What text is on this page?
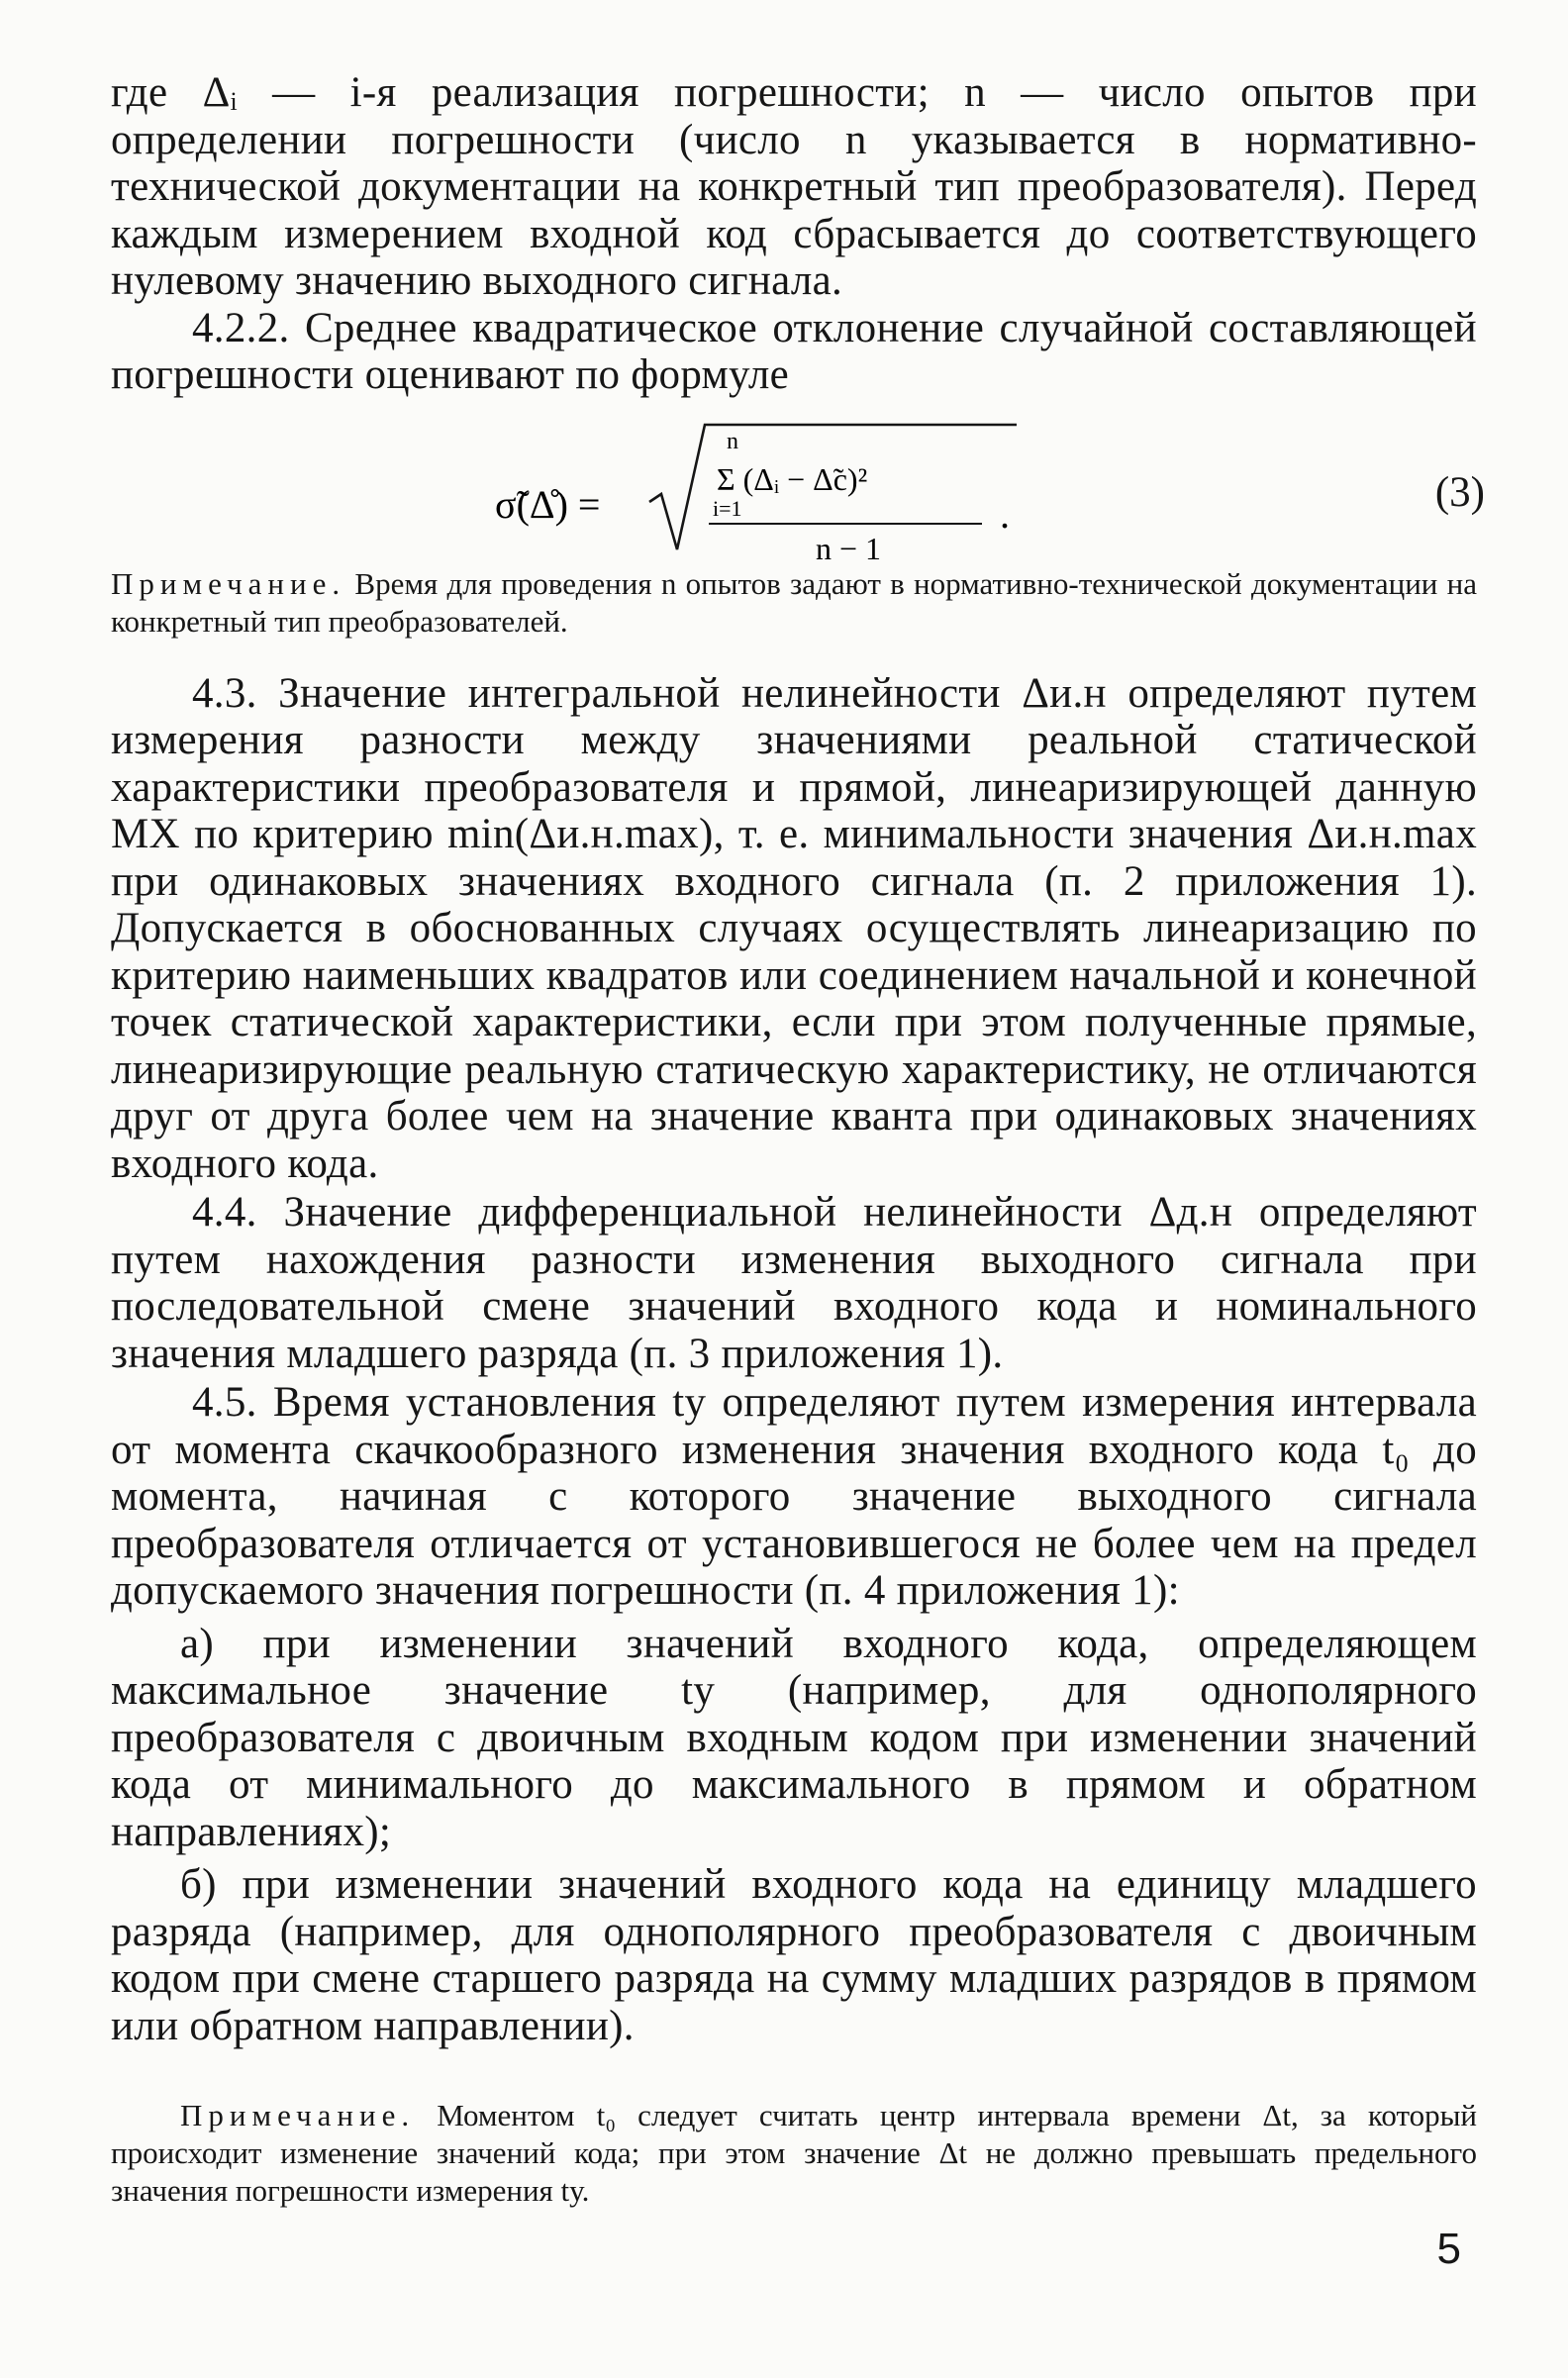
где Δᵢ — i-я реализация погрешности; n — число опытов при определении погрешности (число n указывается в нормативно-технической документации на конкретный тип преобразователя). Перед каждым измерением входной код сбрасывается до соответствующего нулевому значению выходного сигнала.

4.2.2. Среднее квадратическое отклонение случайной составляющей погрешности оценивают по формуле

σ̃(Δ̊) =
n
Σ (Δᵢ − Δ̃c)²
i=1
n − 1
.	(3)

Примечание. Время для проведения n опытов задают в нормативно-технической документации на конкретный тип преобразователей.

4.3. Значение интегральной нелинейности Δи.н определяют путем измерения разности между значениями реальной статической характеристики преобразователя и прямой, линеаризирующей данную МХ по критерию min(Δи.н.max), т. е. минимальности значения Δи.н.max при одинаковых значениях входного сигнала (п. 2 приложения 1). Допускается в обоснованных случаях осуществлять линеаризацию по критерию наименьших квадратов или соединением начальной и конечной точек статической характеристики, если при этом полученные прямые, линеаризирующие реальную статическую характеристику, не отличаются друг от друга более чем на значение кванта при одинаковых значениях входного кода.

4.4. Значение дифференциальной нелинейности Δд.н определяют путем нахождения разности изменения выходного сигнала при последовательной смене значений входного кода и номинального значения младшего разряда (п. 3 приложения 1).

4.5. Время установления tу определяют путем измерения интервала от момента скачкообразного изменения значения входного кода t₀ до момента, начиная с которого значение выходного сигнала преобразователя отличается от установившегося не более чем на предел допускаемого значения погрешности (п. 4 приложения 1):

а) при изменении значений входного кода, определяющем максимальное значение tу (например, для однополярного преобразователя с двоичным входным кодом при изменении значений кода от минимального до максимального в прямом и обратном направлениях);

б) при изменении значений входного кода на единицу младшего разряда (например, для однополярного преобразователя с двоичным кодом при смене старшего разряда на сумму младших разрядов в прямом или обратном направлении).

Примечание. Моментом t₀ следует считать центр интервала времени Δt, за который происходит изменение значений кода; при этом значение Δt не должно превышать предельного значения погрешности измерения tу.

5
